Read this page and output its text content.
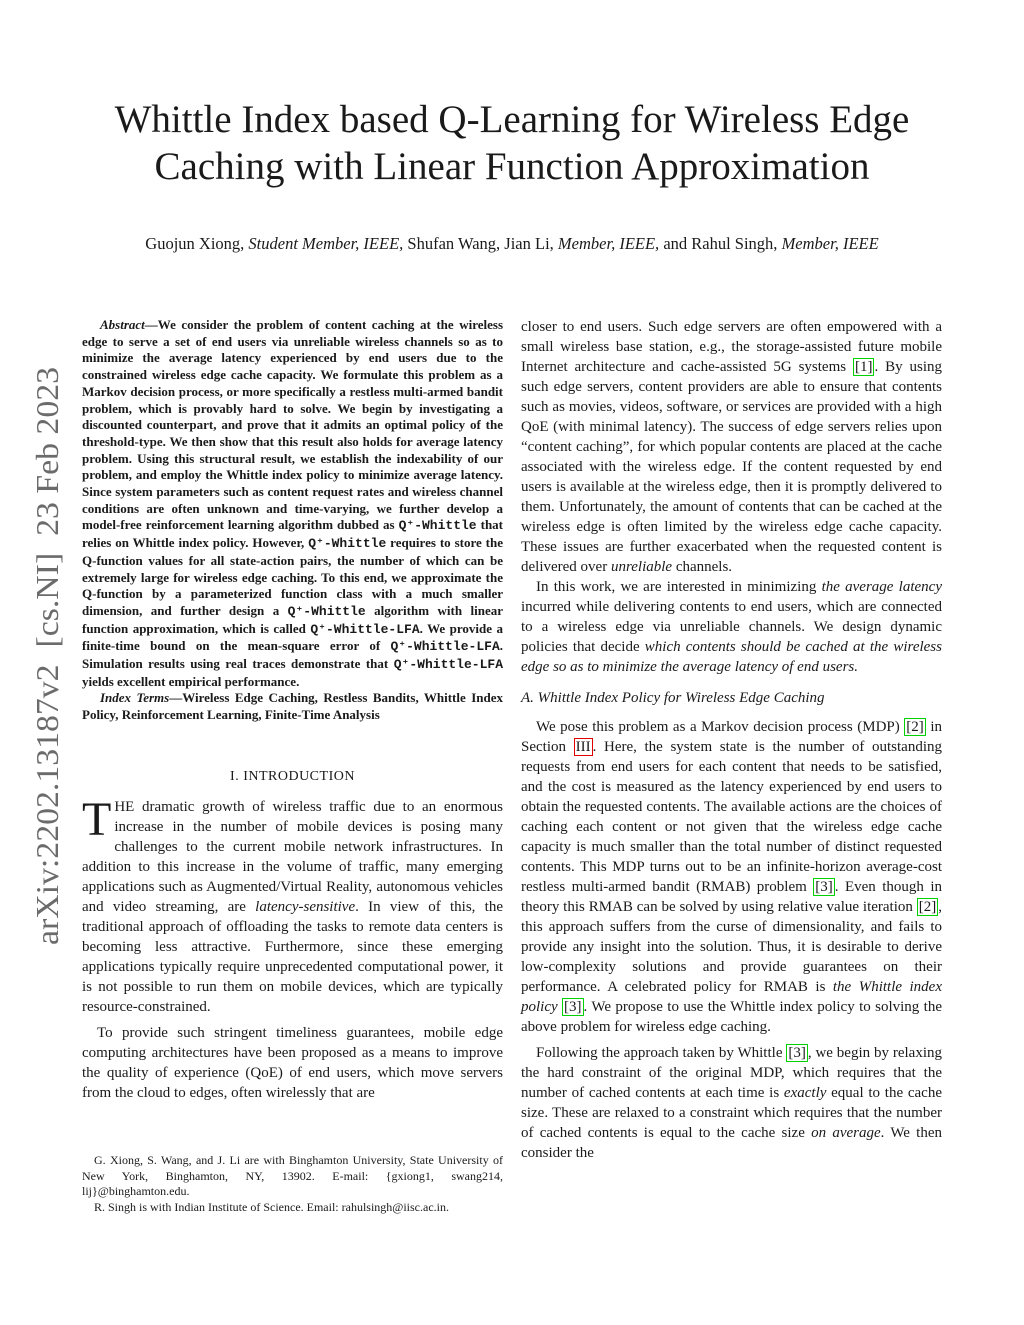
arXiv:2202.13187v2  [cs.NI]  23 Feb 2023
Whittle Index based Q-Learning for Wireless Edge
Caching with Linear Function Approximation
Guojun Xiong, Student Member, IEEE, Shufan Wang, Jian Li, Member, IEEE, and Rahul Singh, Member, IEEE

Abstract—We consider the problem of content caching at the wireless edge to serve a set of end users via unreliable wireless channels so as to minimize the average latency experienced by end users due to the constrained wireless edge cache capacity. We formulate this problem as a Markov decision process, or more specifically a restless multi-armed bandit problem, which is provably hard to solve. We begin by investigating a discounted counterpart, and prove that it admits an optimal policy of the threshold-type. We then show that this result also holds for average latency problem. Using this structural result, we establish the indexability of our problem, and employ the Whittle index policy to minimize average latency. Since system parameters such as content request rates and wireless channel conditions are often unknown and time-varying, we further develop a model-free reinforcement learning algorithm dubbed as Q⁺-Whittle that relies on Whittle index policy. However, Q⁺-Whittle requires to store the Q-function values for all state-action pairs, the number of which can be extremely large for wireless edge caching. To this end, we approximate the Q-function by a parameterized function class with a much smaller dimension, and further design a Q⁺-Whittle algorithm with linear function approximation, which is called Q⁺-Whittle-LFA. We provide a finite-time bound on the mean-square error of Q⁺-Whittle-LFA. Simulation results using real traces demonstrate that Q⁺-Whittle-LFA yields excellent empirical performance.

Index Terms—Wireless Edge Caching, Restless Bandits, Whittle Index Policy, Reinforcement Learning, Finite-Time Analysis

I. INTRODUCTION

THE dramatic growth of wireless traffic due to an enormous increase in the number of mobile devices is posing many challenges to the current mobile network infrastructures. In addition to this increase in the volume of traffic, many emerging applications such as Augmented/Virtual Reality, autonomous vehicles and video streaming, are latency-sensitive. In view of this, the traditional approach of offloading the tasks to remote data centers is becoming less attractive. Furthermore, since these emerging applications typically require unprecedented computational power, it is not possible to run them on mobile devices, which are typically resource-constrained.

To provide such stringent timeliness guarantees, mobile edge computing architectures have been proposed as a means to improve the quality of experience (QoE) of end users, which move servers from the cloud to edges, often wirelessly that are

G. Xiong, S. Wang, and J. Li are with Binghamton University, State University of New York, Binghamton, NY, 13902. E-mail: {gxiong1, swang214, lij}@binghamton.edu.

R. Singh is with Indian Institute of Science. Email: rahulsingh@iisc.ac.in.

closer to end users. Such edge servers are often empowered with a small wireless base station, e.g., the storage-assisted future mobile Internet architecture and cache-assisted 5G systems [1] . By using such edge servers, content providers are able to ensure that contents such as movies, videos, software, or services are provided with a high QoE (with minimal latency). The success of edge servers relies upon “content caching”, for which popular contents are placed at the cache associated with the wireless edge. If the content requested by end users is available at the wireless edge, then it is promptly delivered to them. Unfortunately, the amount of contents that can be cached at the wireless edge is often limited by the wireless edge cache capacity. These issues are further exacerbated when the requested content is delivered over unreliable channels.

In this work, we are interested in minimizing the average latency incurred while delivering contents to end users, which are connected to a wireless edge via unreliable channels. We design dynamic policies that decide which contents should be cached at the wireless edge so as to minimize the average latency of end users.

A. Whittle Index Policy for Wireless Edge Caching

We pose this problem as a Markov decision process (MDP) [2] in Section III . Here, the system state is the number of outstanding requests from end users for each content that needs to be satisfied, and the cost is measured as the latency experienced by end users to obtain the requested contents. The available actions are the choices of caching each content or not given that the wireless edge cache capacity is much smaller than the total number of distinct requested contents. This MDP turns out to be an infinite-horizon average-cost restless multi-armed bandit (RMAB) problem [3] . Even though in theory this RMAB can be solved by using relative value iteration [2] , this approach suffers from the curse of dimensionality, and fails to provide any insight into the solution. Thus, it is desirable to derive low-complexity solutions and provide guarantees on their performance. A celebrated policy for RMAB is the Whittle index policy [3] . We propose to use the Whittle index policy to solving the above problem for wireless edge caching.

Following the approach taken by Whittle [3] , we begin by relaxing the hard constraint of the original MDP, which requires that the number of cached contents at each time is exactly equal to the cache size. These are relaxed to a constraint which requires that the number of cached contents is equal to the cache size on average. We then consider the
